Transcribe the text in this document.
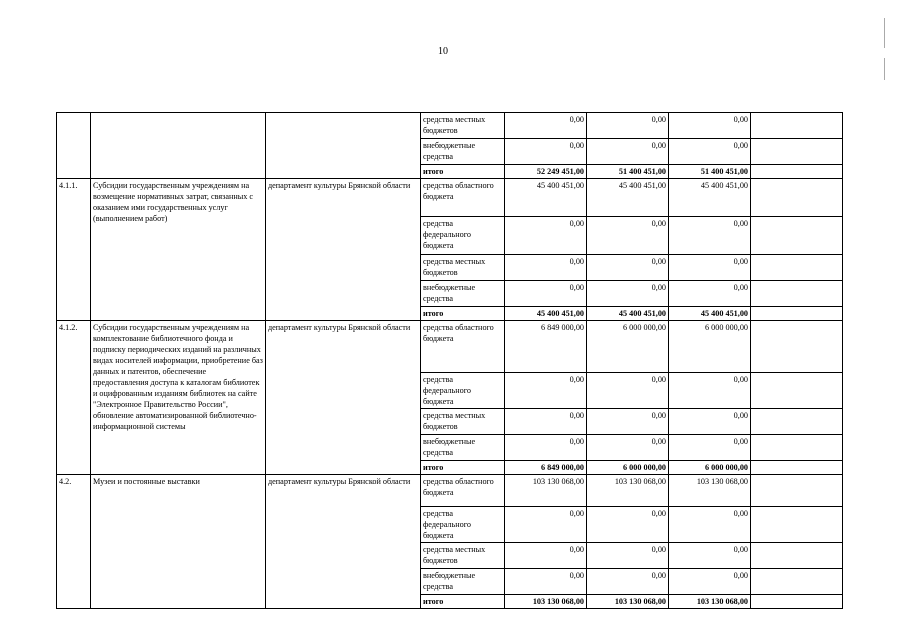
10
			средства местных бюджетов	0,00	0,00	0,00	
			внебюджетные средства	0,00	0,00	0,00	
			итого	52 249 451,00	51 400 451,00	51 400 451,00	
4.1.1.	Субсидии государственным учреждениям на возмещение нормативных затрат, связанных с оказанием ими государственных услуг (выполнением работ)	департамент культуры Брянской области	средства областного бюджета	45 400 451,00	45 400 451,00	45 400 451,00	
			средства федерального бюджета	0,00	0,00	0,00	
			средства местных бюджетов	0,00	0,00	0,00	
			внебюджетные средства	0,00	0,00	0,00	
			итого	45 400 451,00	45 400 451,00	45 400 451,00	
4.1.2.	Субсидии государственным учреждениям на комплектование библиотечного фонда и подписку периодических изданий на различных видах носителей информации, приобретение баз данных и патентов, обеспечение предоставления доступа к каталогам библиотек и оцифрованным изданиям библиотек на сайте "Электронное Правительство России", обновление автоматизированной библиотечно-информационной системы	департамент культуры Брянской области	средства областного бюджета	6 849 000,00	6 000 000,00	6 000 000,00	
			средства федерального бюджета	0,00	0,00	0,00	
			средства местных бюджетов	0,00	0,00	0,00	
			внебюджетные средства	0,00	0,00	0,00	
			итого	6 849 000,00	6 000 000,00	6 000 000,00	
4.2.	Музеи и постоянные выставки	департамент культуры Брянской области	средства областного бюджета	103 130 068,00	103 130 068,00	103 130 068,00	
			средства федерального бюджета	0,00	0,00	0,00	
			средства местных бюджетов	0,00	0,00	0,00	
			внебюджетные средства	0,00	0,00	0,00	
			итого	103 130 068,00	103 130 068,00	103 130 068,00	
